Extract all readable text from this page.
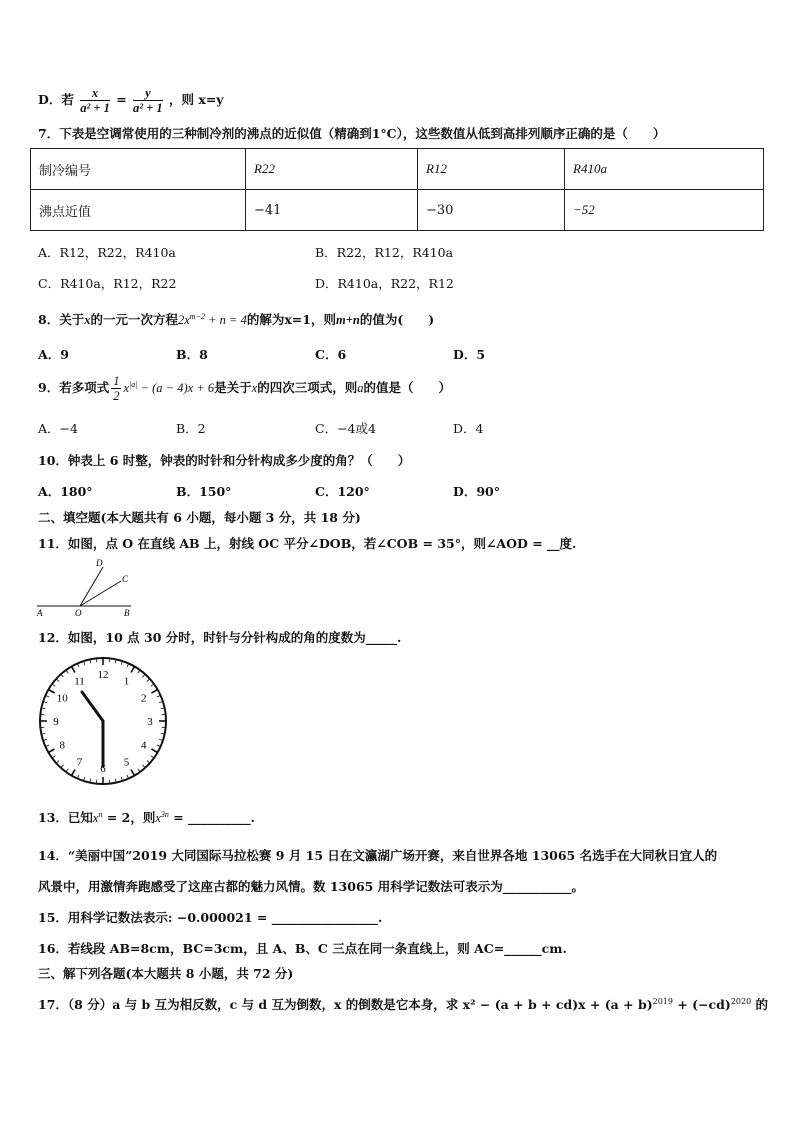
D．若 $\frac{x}{\text{a² + 1}} = \frac{y}{\text{a² + 1}}$ ，则 x=y
7．下表是空调常使用的三种制冷剂的沸点的近似值（精确到1°C），这些数值从低到高排列顺序正确的是（　　）
制冷编号	R22	R12	R410a
沸点近值	−41	−30	−52
A．R12，R22，R410a	B．R22，R12，R410a
C．R410a，R12，R22	D．R410a，R22，R12
8．关于x的一元一次方程$2x^{m-2} + n = 4$的解为x=1，则m+n的值为(　　)
A．9	B．8	C．6	D．5
9．若多项式 $\frac{1}{2} x^{|a|} - (a - 4)x + 6$是关于x的四次三项式，则a的值是（　　）
A．−4	B．2	C．−4或4	D．4
10．钟表上 6 时整，钟表的时针和分针构成多少度的角？（　　）
A．180°	B．150°	C．120°	D．90°
二、填空题(本大题共有 6 小题，每小题 3 分，共 18 分)
11．如图，点 O 在直线 AB 上，射线 OC 平分∠DOB，若∠COB = 35°，则∠AOD = __度.
D
C
A	O	B
12．如图，10 点 30 分时，时针与分针构成的角的度数为_____.
12
1
2
3
4
5
6
7
8
9
10
11
13．已知$x^n = 2$，则$x^{3n}$ = __________.
14．“美丽中国”2019 大同国际马拉松赛 9 月 15 日在文瀛湖广场开赛，来自世界各地 13065 名选手在大同秋日宜人的
风景中，用激情奔跑感受了这座古都的魅力风情。数 13065 用科学记数法可表示为___________。
15．用科学记数法表示: −0.000021 = _________________.
16．若线段 AB=8cm，BC=3cm，且 A、B、C 三点在同一条直线上，则 AC=______cm.
三、解下列各题(本大题共 8 小题，共 72 分)
17．（8 分）a 与 b 互为相反数，c 与 d 互为倒数，x 的倒数是它本身，求 $x^2 - (a + b + cd)x + (a + b)^{2019} + (-cd)^{2020}$ 的
